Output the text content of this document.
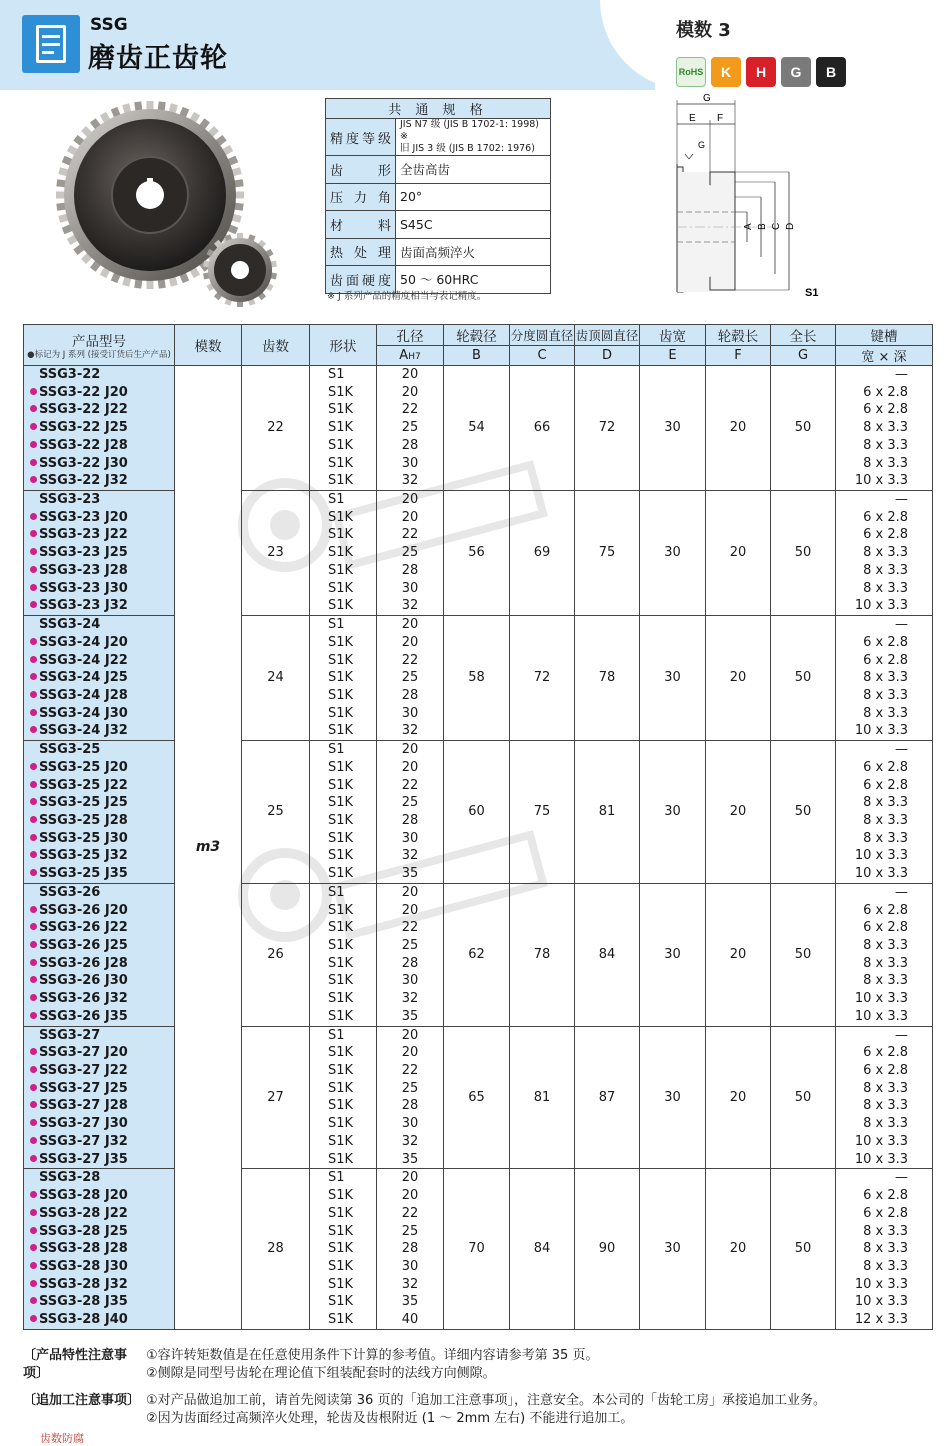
SSG
磨齿正齿轮
模数 3
RoHS	K	H	G	B
共 通 规 格	
精度等级	JIS N7 级 (JIS B 1702-1: 1998) ※
旧 JIS 3 级 (JIS B 1702: 1976)
齿形	全齿高齿
压力角	20°
材料	S45C
热处理	齿面高频淬火
齿面硬度	50 ～ 60HRC
※ J 系列产品的精度相当与表记精度。
G
E F
G
A B C D
S1
产品型号
●标记为 J 系列 (接受订货后生产产品)	模数	齿数	形状	孔径	轮毂径	分度圆直径	齿顶圆直径	齿宽	轮毂长	全长	键槽
				AH7	B	C	D	E	F	G	宽 × 深
SSG3-22	m3	22	S1	20	54	66	72	30	20	50	—
SSG3-22 J20			S1K	20							6 x 2.8
SSG3-22 J22			S1K	22							6 x 2.8
SSG3-22 J25			S1K	25							8 x 3.3
SSG3-22 J28			S1K	28							8 x 3.3
SSG3-22 J30			S1K	30							8 x 3.3
SSG3-22 J32			S1K	32							10 x 3.3
SSG3-23		23	S1	20	56	69	75	30	20	50	—
SSG3-23 J20			S1K	20							6 x 2.8
SSG3-23 J22			S1K	22							6 x 2.8
SSG3-23 J25			S1K	25							8 x 3.3
SSG3-23 J28			S1K	28							8 x 3.3
SSG3-23 J30			S1K	30							8 x 3.3
SSG3-23 J32			S1K	32							10 x 3.3
SSG3-24		24	S1	20	58	72	78	30	20	50	—
SSG3-24 J20			S1K	20							6 x 2.8
SSG3-24 J22			S1K	22							6 x 2.8
SSG3-24 J25			S1K	25							8 x 3.3
SSG3-24 J28			S1K	28							8 x 3.3
SSG3-24 J30			S1K	30							8 x 3.3
SSG3-24 J32			S1K	32							10 x 3.3
SSG3-25		25	S1	20	60	75	81	30	20	50	—
SSG3-25 J20			S1K	20							6 x 2.8
SSG3-25 J22			S1K	22							6 x 2.8
SSG3-25 J25			S1K	25							8 x 3.3
SSG3-25 J28			S1K	28							8 x 3.3
SSG3-25 J30			S1K	30							8 x 3.3
SSG3-25 J32			S1K	32							10 x 3.3
SSG3-25 J35			S1K	35							10 x 3.3
SSG3-26		26	S1	20	62	78	84	30	20	50	—
SSG3-26 J20			S1K	20							6 x 2.8
SSG3-26 J22			S1K	22							6 x 2.8
SSG3-26 J25			S1K	25							8 x 3.3
SSG3-26 J28			S1K	28							8 x 3.3
SSG3-26 J30			S1K	30							8 x 3.3
SSG3-26 J32			S1K	32							10 x 3.3
SSG3-26 J35			S1K	35							10 x 3.3
SSG3-27		27	S1	20	65	81	87	30	20	50	—
SSG3-27 J20			S1K	20							6 x 2.8
SSG3-27 J22			S1K	22							6 x 2.8
SSG3-27 J25			S1K	25							8 x 3.3
SSG3-27 J28			S1K	28							8 x 3.3
SSG3-27 J30			S1K	30							8 x 3.3
SSG3-27 J32			S1K	32							10 x 3.3
SSG3-27 J35			S1K	35							10 x 3.3
SSG3-28		28	S1	20	70	84	90	30	20	50	—
SSG3-28 J20			S1K	20							6 x 2.8
SSG3-28 J22			S1K	22							6 x 2.8
SSG3-28 J25			S1K	25							8 x 3.3
SSG3-28 J28			S1K	28							8 x 3.3
SSG3-28 J30			S1K	30							8 x 3.3
SSG3-28 J32			S1K	32							10 x 3.3
SSG3-28 J35			S1K	35							10 x 3.3
SSG3-28 J40			S1K	40							12 x 3.3
〔产品特性注意事项〕
①容许转矩数值是在任意使用条件下计算的参考值。详细内容请参考第 35 页。
②侧隙是同型号齿轮在理论值下组装配套时的法线方向侧隙。
〔追加工注意事项〕 ①对产品做追加工前，请首先阅读第 36 页的「追加工注意事项」，注意安全。本公司的「齿轮工房」承接追加工业务。
②因为齿面经过高频淬火处理，轮齿及齿根附近 (1 ～ 2mm 左右) 不能进行追加工。
齿数防腐
